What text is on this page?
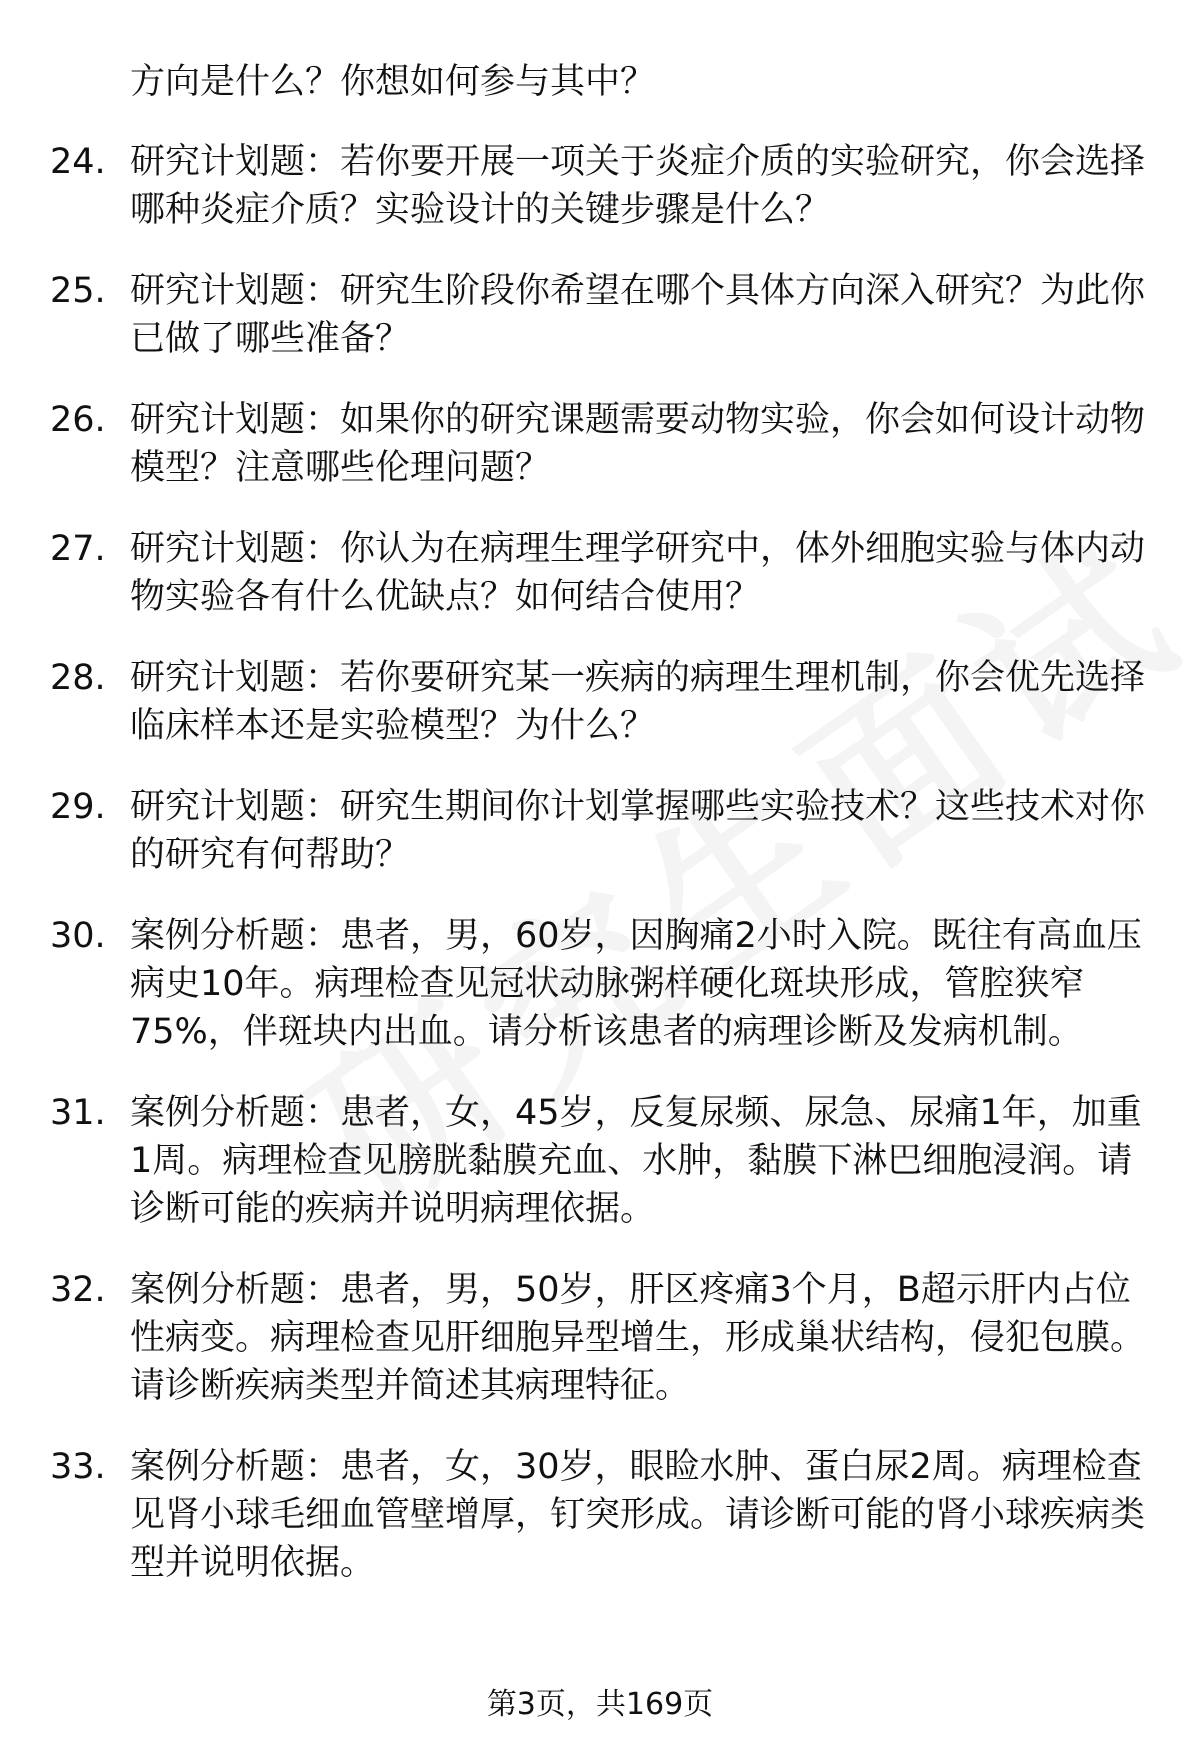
方向是什么？你想如何参与其中？
24. 研究计划题：若你要开展一项关于炎症介质的实验研究，你会选择哪种炎症介质？实验设计的关键步骤是什么？
25. 研究计划题：研究生阶段你希望在哪个具体方向深入研究？为此你已做了哪些准备？
26. 研究计划题：如果你的研究课题需要动物实验，你会如何设计动物模型？注意哪些伦理问题？
27. 研究计划题：你认为在病理生理学研究中，体外细胞实验与体内动物实验各有什么优缺点？如何结合使用？
28. 研究计划题：若你要研究某一疾病的病理生理机制，你会优先选择临床样本还是实验模型？为什么？
29. 研究计划题：研究生期间你计划掌握哪些实验技术？这些技术对你的研究有何帮助？
30. 案例分析题：患者，男，60岁，因胸痛2小时入院。既往有高血压病史10年。病理检查见冠状动脉粥样硬化斑块形成，管腔狭窄75%，伴斑块内出血。请分析该患者的病理诊断及发病机制。
31. 案例分析题：患者，女，45岁，反复尿频、尿急、尿痛1年，加重1周。病理检查见膀胱黏膜充血、水肿，黏膜下淋巴细胞浸润。请诊断可能的疾病并说明病理依据。
32. 案例分析题：患者，男，50岁，肝区疼痛3个月，B超示肝内占位性病变。病理检查见肝细胞异型增生，形成巢状结构，侵犯包膜。请诊断疾病类型并简述其病理特征。
33. 案例分析题：患者，女，30岁，眼睑水肿、蛋白尿2周。病理检查见肾小球毛细血管壁增厚，钉突形成。请诊断可能的肾小球疾病类型并说明依据。
第3页，共169页
